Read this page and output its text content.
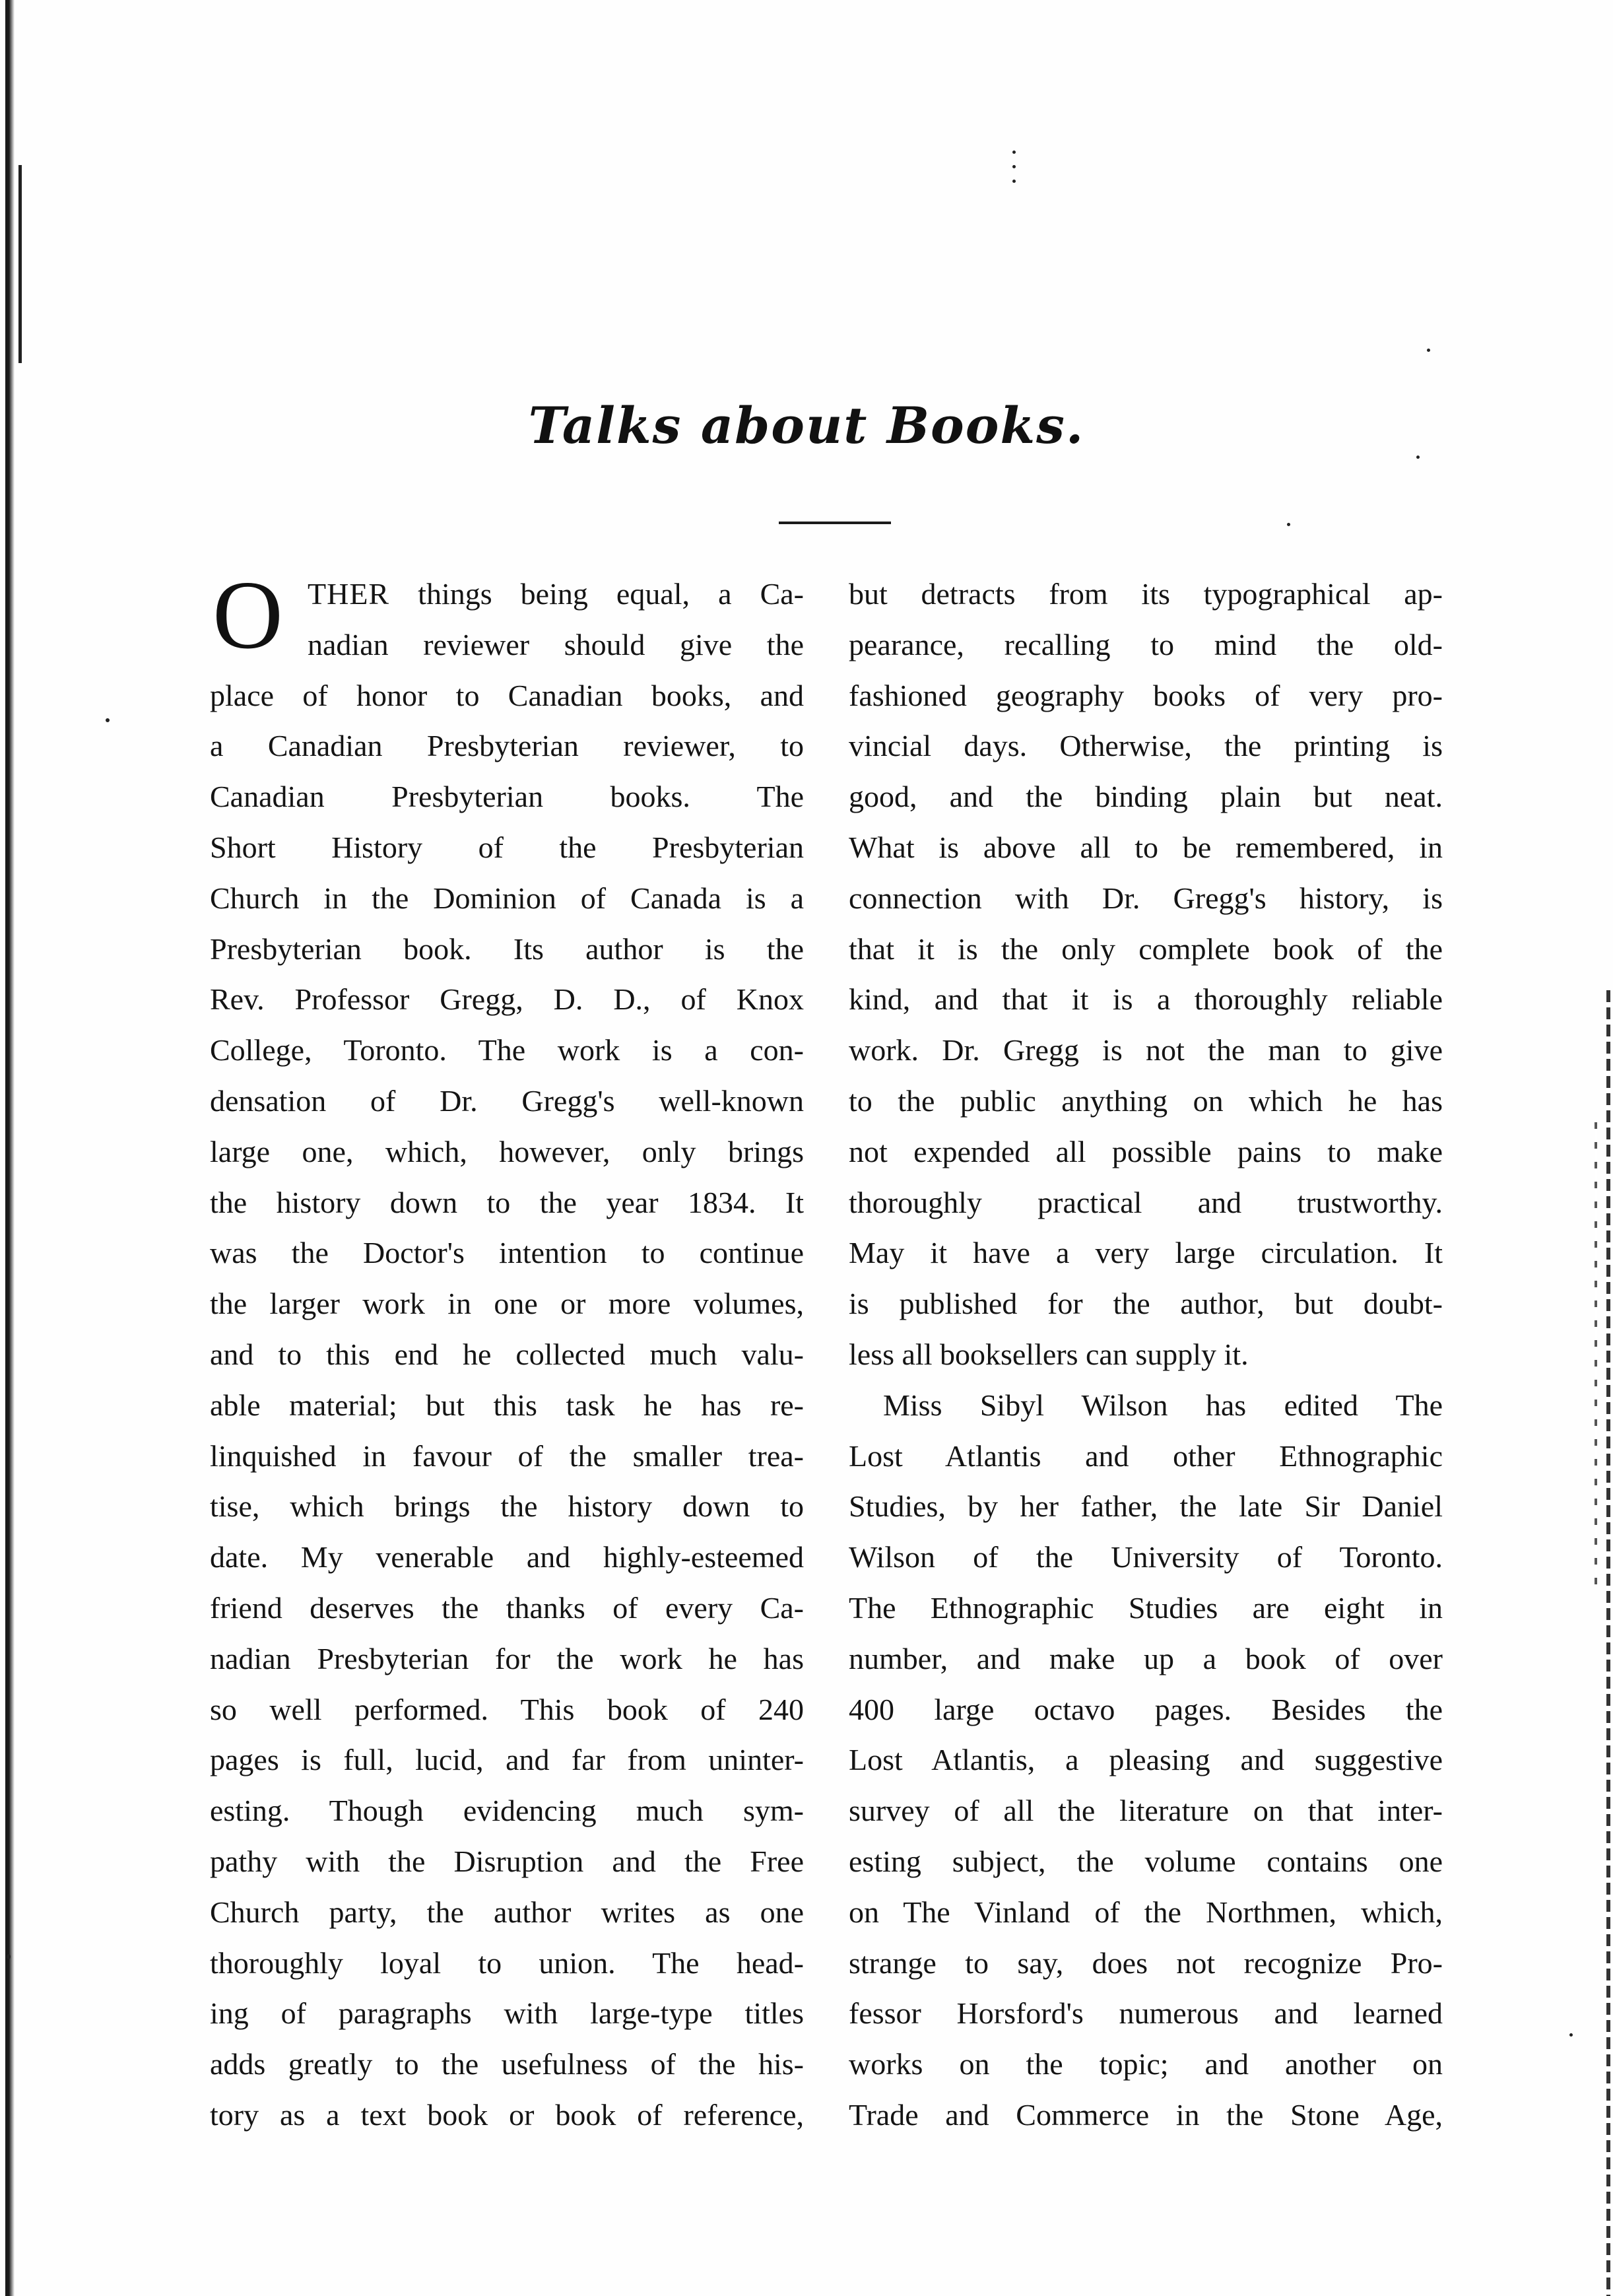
Talks about Books.
O THER things being equal, a Ca-
nadian reviewer should give the
place of honor to Canadian books, and
a Canadian Presbyterian reviewer, to
Canadian Presbyterian books. The
Short History of the Presbyterian
Church in the Dominion of Canada is a
Presbyterian book. Its author is the
Rev. Professor Gregg, D. D., of Knox
College, Toronto. The work is a con-
densation of Dr. Gregg's well-known
large one, which, however, only brings
the history down to the year 1834. It
was the Doctor's intention to continue
the larger work in one or more volumes,
and to this end he collected much valu-
able material; but this task he has re-
linquished in favour of the smaller trea-
tise, which brings the history down to
date. My venerable and highly-esteemed
friend deserves the thanks of every Ca-
nadian Presbyterian for the work he has
so well performed. This book of 240
pages is full, lucid, and far from uninter-
esting. Though evidencing much sym-
pathy with the Disruption and the Free
Church party, the author writes as one
thoroughly loyal to union. The head-
ing of paragraphs with large-type titles
adds greatly to the usefulness of the his-
tory as a text book or book of reference,
but detracts from its typographical ap-
pearance, recalling to mind the old-
fashioned geography books of very pro-
vincial days. Otherwise, the printing is
good, and the binding plain but neat.
What is above all to be remembered, in
connection with Dr. Gregg's history, is
that it is the only complete book of the
kind, and that it is a thoroughly reliable
work. Dr. Gregg is not the man to give
to the public anything on which he has
not expended all possible pains to make
thoroughly practical and trustworthy.
May it have a very large circulation. It
is published for the author, but doubt-
less all booksellers can supply it.
Miss Sibyl Wilson has edited The
Lost Atlantis and other Ethnographic
Studies, by her father, the late Sir Daniel
Wilson of the University of Toronto.
The Ethnographic Studies are eight in
number, and make up a book of over
400 large octavo pages. Besides the
Lost Atlantis, a pleasing and suggestive
survey of all the literature on that inter-
esting subject, the volume contains one
on The Vinland of the Northmen, which,
strange to say, does not recognize Pro-
fessor Horsford's numerous and learned
works on the topic; and another on
Trade and Commerce in the Stone Age,
